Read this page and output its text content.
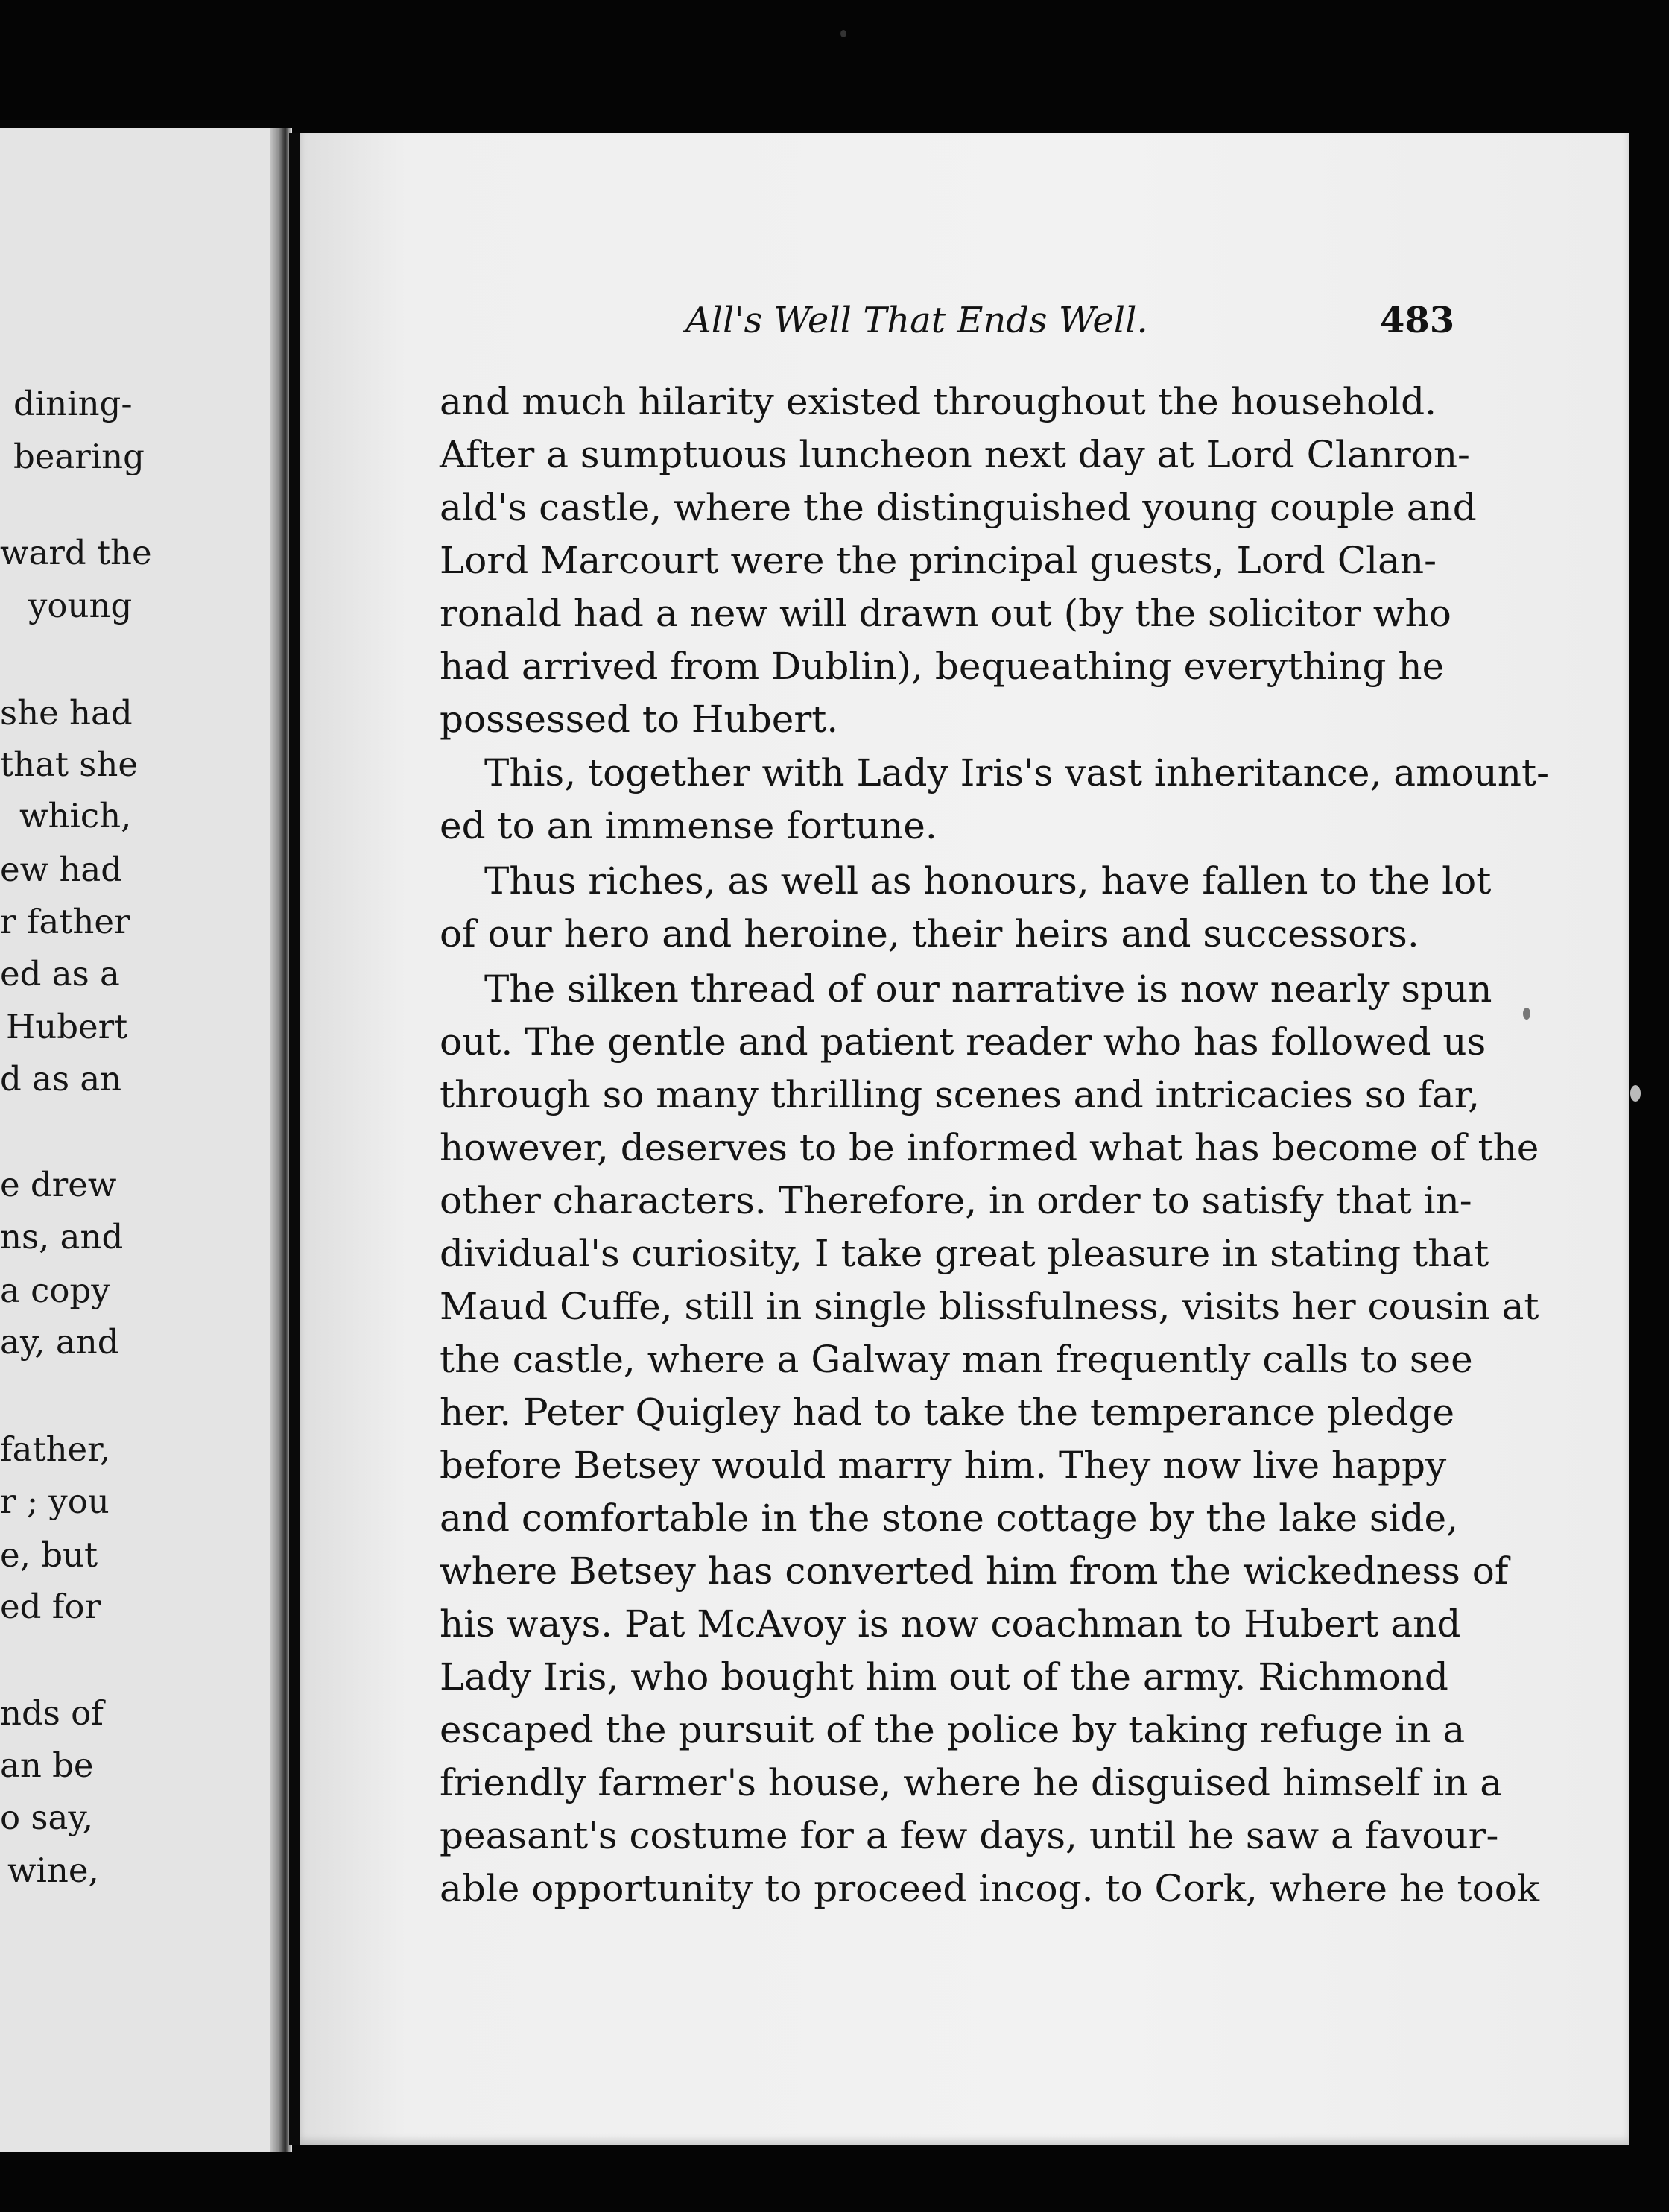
dining-
bearing
ward the
young
she had
that she
which,
ew had
r father
ed as a
Hubert
d as an
e drew
ns, and
a copy
ay, and
father,
r ; you
e, but
ed for
nds of
an be
o say,
wine,
All's Well That Ends Well.	483
and much hilarity existed throughout the household.
After a sumptuous luncheon next day at Lord Clanron-
ald's castle, where the distinguished young couple and
Lord Marcourt were the principal guests, Lord Clan-
ronald had a new will drawn out (by the solicitor who
had arrived from Dublin), bequeathing everything he
possessed to Hubert.
This, together with Lady Iris's vast inheritance, amount-
ed to an immense fortune.
Thus riches, as well as honours, have fallen to the lot
of our hero and heroine, their heirs and successors.
The silken thread of our narrative is now nearly spun
out. The gentle and patient reader who has followed us
through so many thrilling scenes and intricacies so far,
however, deserves to be informed what has become of the
other characters. Therefore, in order to satisfy that in-
dividual's curiosity, I take great pleasure in stating that
Maud Cuffe, still in single blissfulness, visits her cousin at
the castle, where a Galway man frequently calls to see
her. Peter Quigley had to take the temperance pledge
before Betsey would marry him. They now live happy
and comfortable in the stone cottage by the lake side,
where Betsey has converted him from the wickedness of
his ways. Pat McAvoy is now coachman to Hubert and
Lady Iris, who bought him out of the army. Richmond
escaped the pursuit of the police by taking refuge in a
friendly farmer's house, where he disguised himself in a
peasant's costume for a few days, until he saw a favour-
able opportunity to proceed incog. to Cork, where he took
